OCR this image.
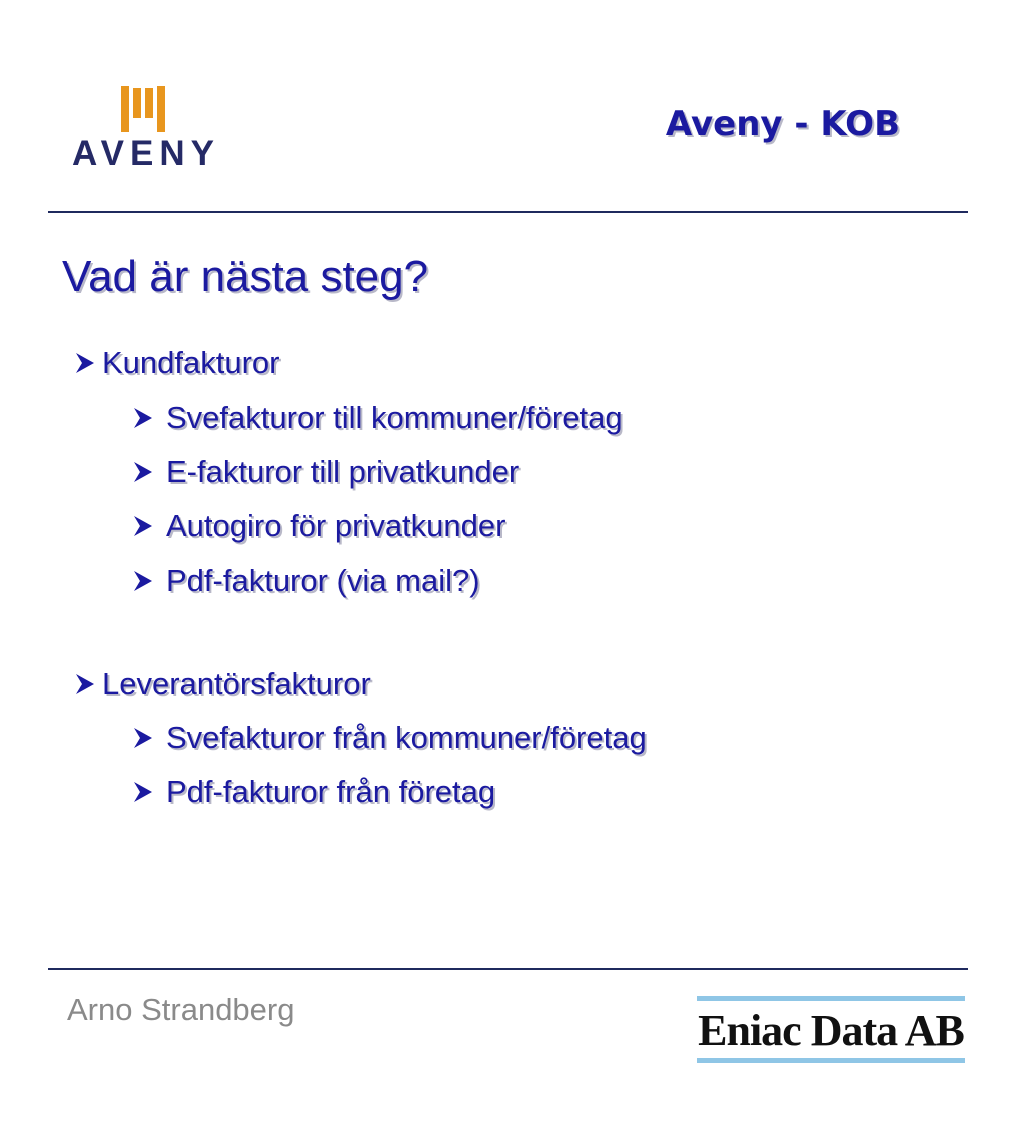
AVENY
Aveny - KOB
Vad är nästa steg?
Kundfakturor
Svefakturor till kommuner/företag
E-fakturor till privatkunder
Autogiro för privatkunder
Pdf-fakturor (via mail?)
Leverantörsfakturor
Svefakturor från kommuner/företag
Pdf-fakturor från företag
Arno Strandberg	Eniac Data AB
